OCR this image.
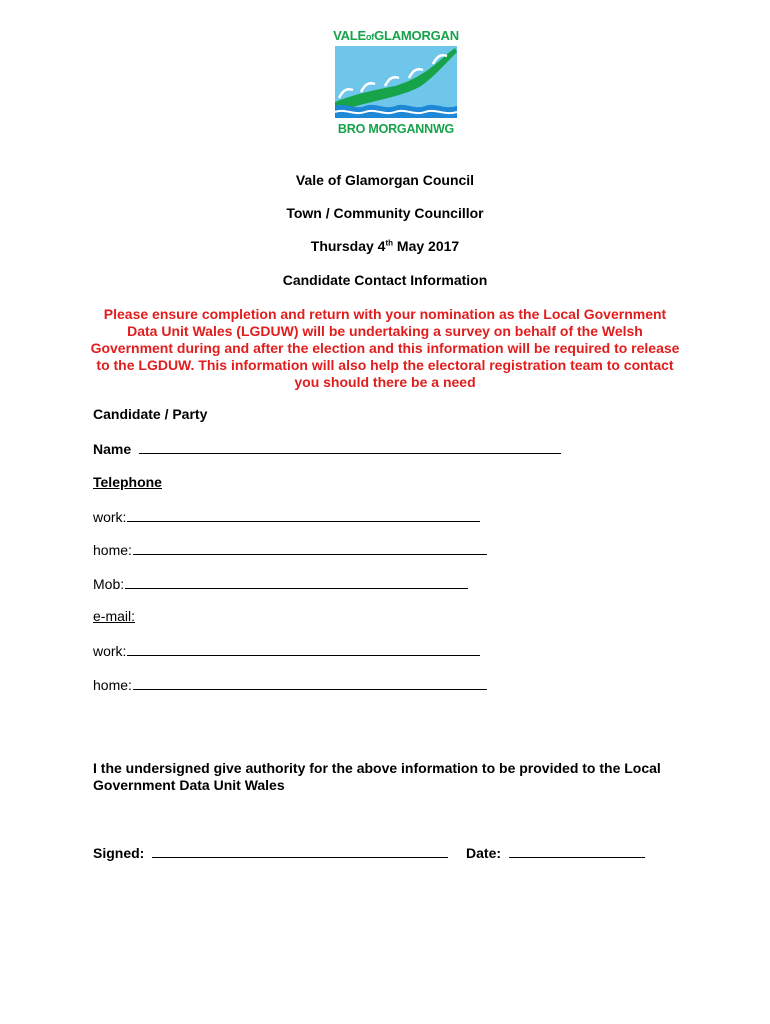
VALEofGLAMORGAN
BRO MORGANNWG
Vale of Glamorgan Council
Town / Community Councillor
Thursday 4th May 2017
Candidate Contact Information
Please ensure completion and return with your nomination as the Local Government Data Unit Wales (LGDUW) will be undertaking a survey on behalf of the Welsh Government during and after the election and this information will be required to release to the LGDUW. This information will also help the electoral registration team to contact you should there be a need
Candidate / Party
Name
Telephone
work:
home:
Mob:
e-mail:
work:
home:
I the undersigned give authority for the above information to be provided to the Local Government Data Unit Wales
Signed:	Date:
